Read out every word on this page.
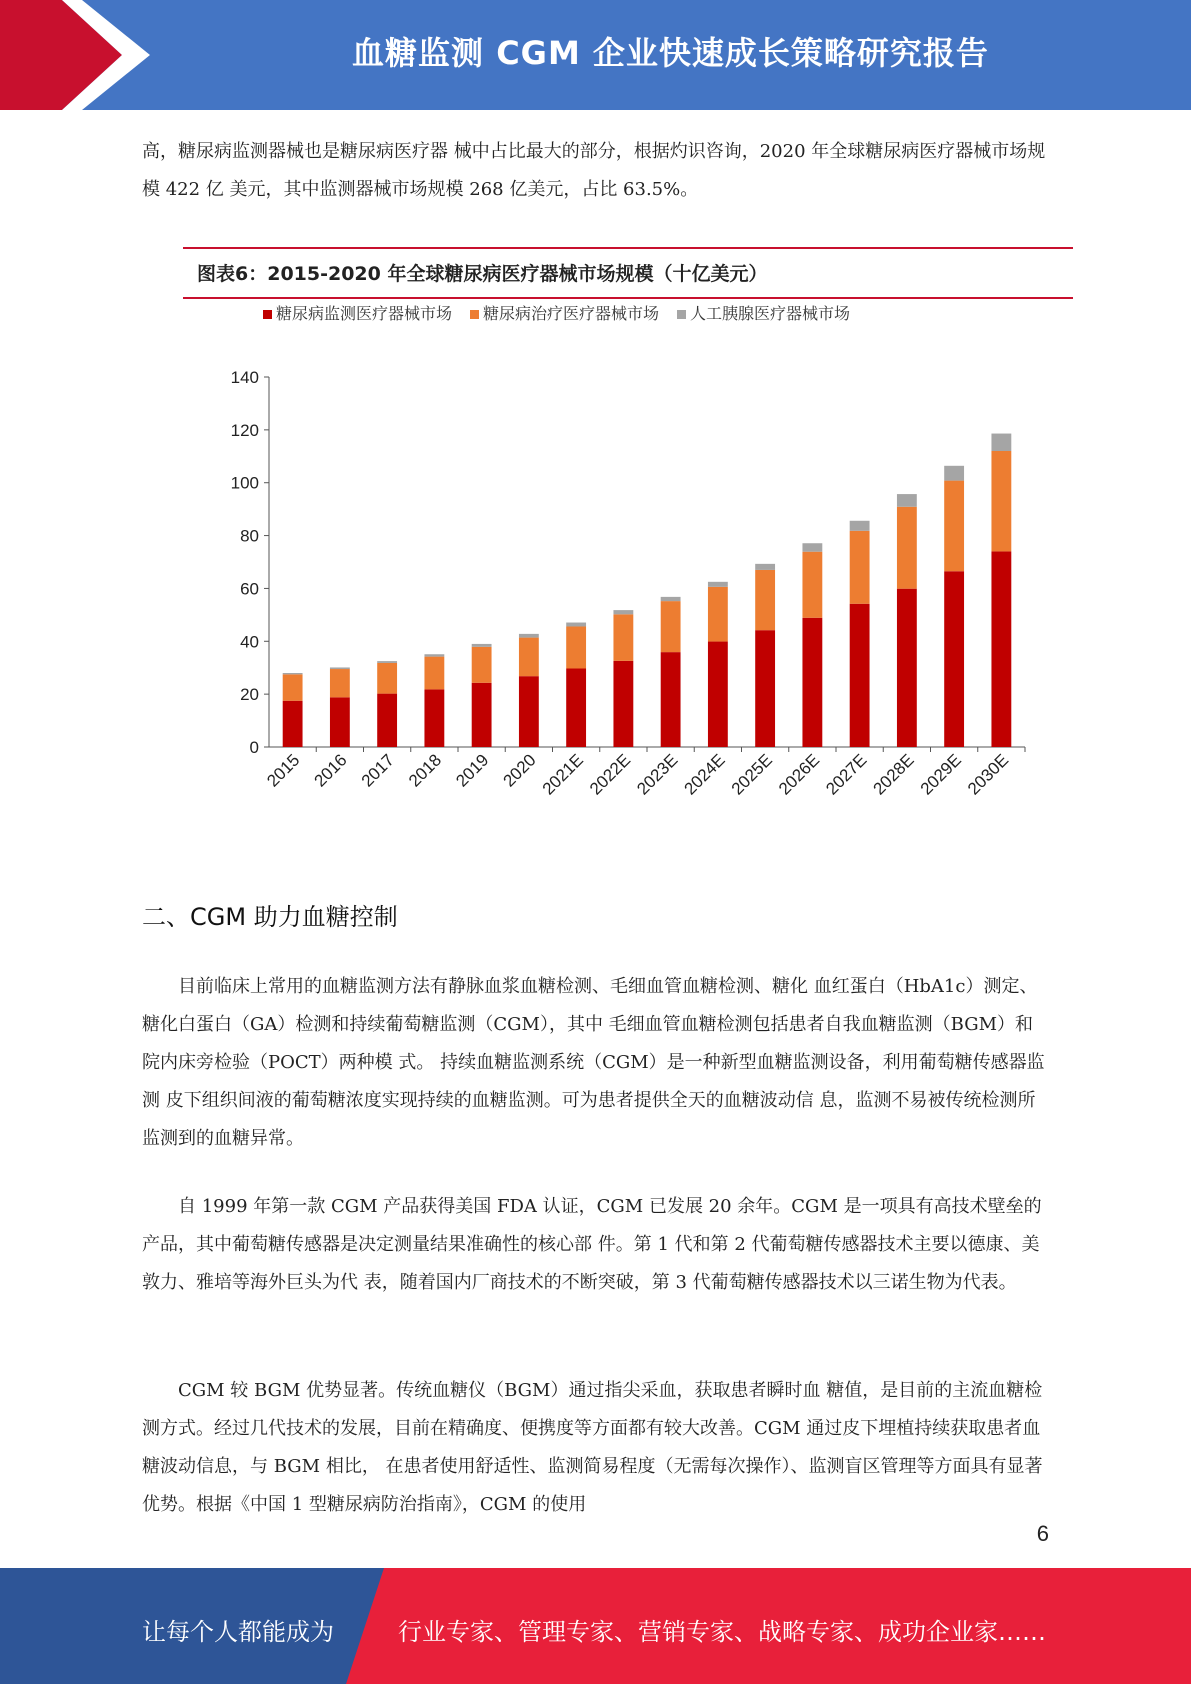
血糖监测 CGM 企业快速成长策略研究报告

高，糖尿病监测器械也是糖尿病医疗器 械中占比最大的部分，根据灼识咨询，2020 年全球糖尿病医疗器械市场规模 422 亿 美元，其中监测器械市场规模 268 亿美元，占比 63.5%。

图表6：2015-2020 年全球糖尿病医疗器械市场规模（十亿美元）
糖尿病监测医疗器械市场 糖尿病治疗医疗器械市场 人工胰腺医疗器械市场
0
20
40
60
80
100
120
140
2015 2016 2017 2018 2019 2020 2021E 2022E 2023E 2024E 2025E 2026E 2027E 2028E 2029E 2030E
二、CGM 助力血糖控制

目前临床上常用的血糖监测方法有静脉血浆血糖检测、毛细血管血糖检测、糖化 血红蛋白（HbA1c）测定、糖化白蛋白（GA）检测和持续葡萄糖监测（CGM），其中 毛细血管血糖检测包括患者自我血糖监测（BGM）和院内床旁检验（POCT）两种模 式。 持续血糖监测系统（CGM）是一种新型血糖监测设备，利用葡萄糖传感器监测 皮下组织间液的葡萄糖浓度实现持续的血糖监测。可为患者提供全天的血糖波动信 息，监测不易被传统检测所监测到的血糖异常。

自 1999 年第一款 CGM 产品获得美国 FDA 认证，CGM 已发展 20 余年。CGM 是一项具有高技术壁垒的产品，其中葡萄糖传感器是决定测量结果准确性的核心部 件。第 1 代和第 2 代葡萄糖传感器技术主要以德康、美敦力、雅培等海外巨头为代 表，随着国内厂商技术的不断突破，第 3 代葡萄糖传感器技术以三诺生物为代表。

CGM 较 BGM 优势显著。传统血糖仪（BGM）通过指尖采血，获取患者瞬时血 糖值，是目前的主流血糖检测方式。经过几代技术的发展，目前在精确度、便携度等方面都有较大改善。CGM 通过皮下埋植持续获取患者血糖波动信息，与 BGM 相比， 在患者使用舒适性、监测简易程度（无需每次操作）、监测盲区管理等方面具有显著 优势。根据《中国 1 型糖尿病防治指南》，CGM 的使用

6
让每个人都能成为	行业专家、管理专家、营销专家、战略专家、成功企业家……
